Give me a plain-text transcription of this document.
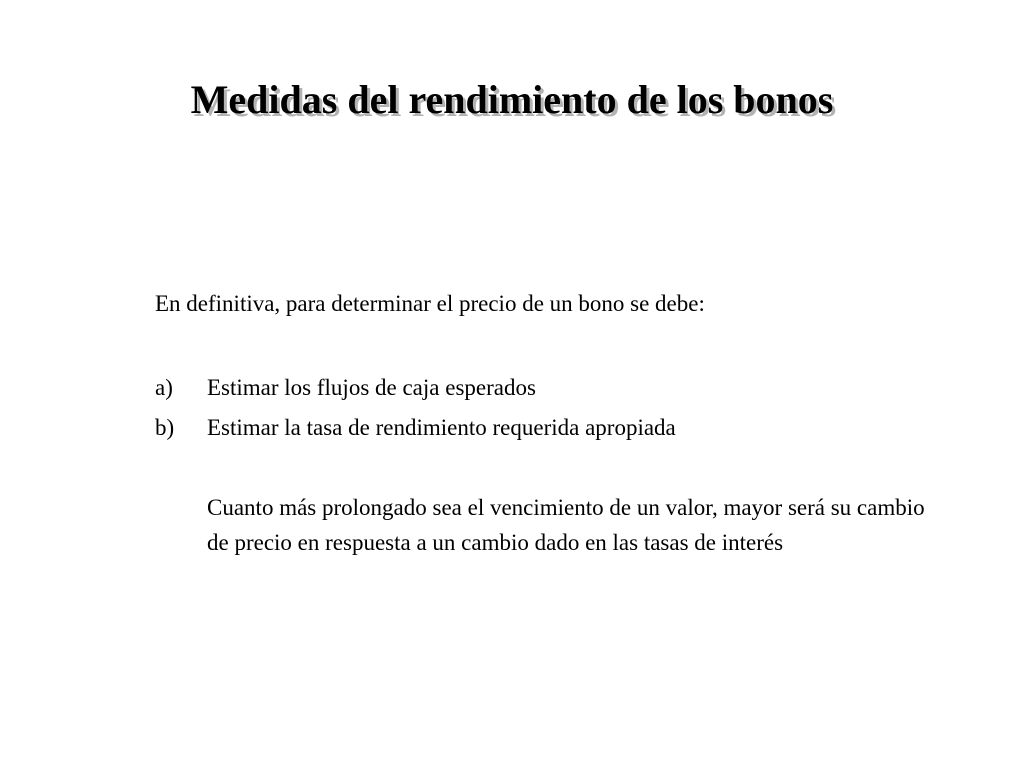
Medidas del rendimiento de los bonos

En definitiva, para determinar el precio de un bono se debe:

a)	Estimar los flujos de caja esperados
b)	Estimar la tasa de rendimiento requerida apropiada

Cuanto más prolongado sea el vencimiento de un valor, mayor será su cambio de precio en respuesta a un cambio dado en las tasas de interés
